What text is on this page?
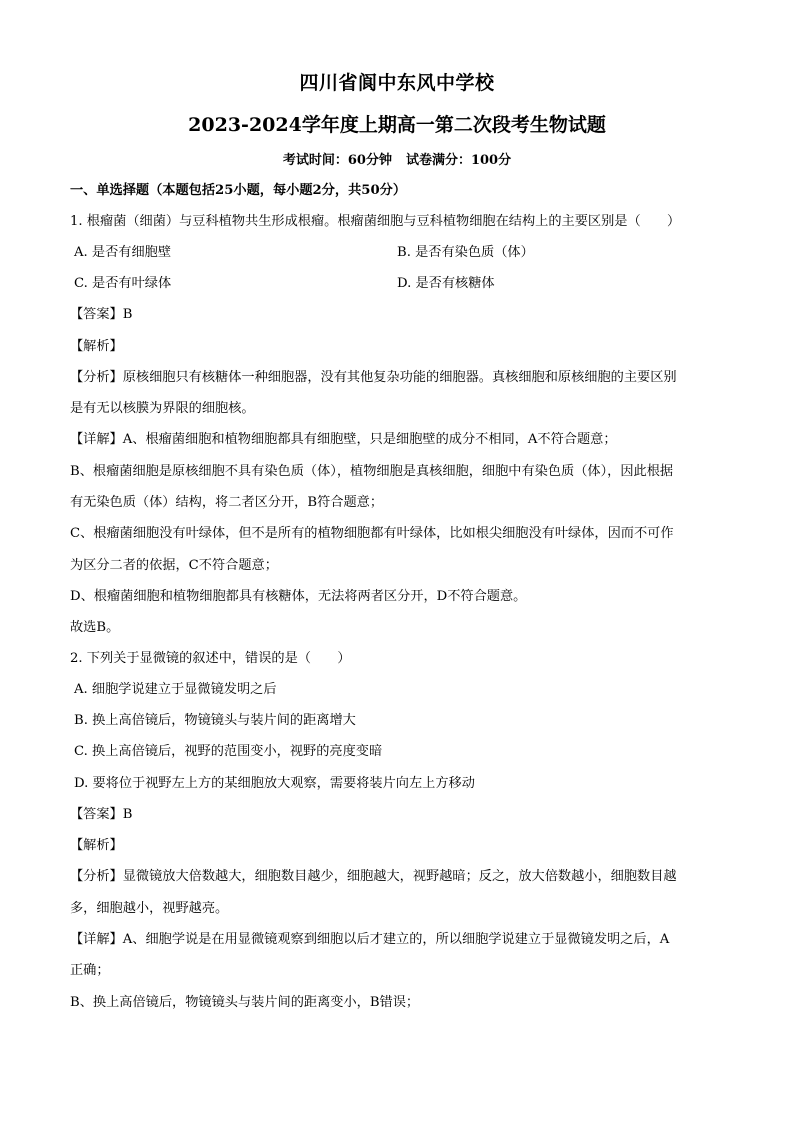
四川省阆中东风中学校
2023-2024学年度上期高一第二次段考生物试题
考试时间：60分钟 试卷满分：100分
一、单选择题（本题包括25小题，每小题2分，共50分）
1. 根瘤菌（细菌）与豆科植物共生形成根瘤。根瘤菌细胞与豆科植物细胞在结构上的主要区别是（　　）
A. 是否有细胞壁	B. 是否有染色质（体）
C. 是否有叶绿体	D. 是否有核糖体
【答案】B
【解析】
【分析】原核细胞只有核糖体一种细胞器，没有其他复杂功能的细胞器。真核细胞和原核细胞的主要区别
是有无以核膜为界限的细胞核。
【详解】A、根瘤菌细胞和植物细胞都具有细胞壁，只是细胞壁的成分不相同，A不符合题意；
B、根瘤菌细胞是原核细胞不具有染色质（体），植物细胞是真核细胞，细胞中有染色质（体），因此根据
有无染色质（体）结构，将二者区分开，B符合题意；
C、根瘤菌细胞没有叶绿体，但不是所有的植物细胞都有叶绿体，比如根尖细胞没有叶绿体，因而不可作
为区分二者的依据，C不符合题意；
D、根瘤菌细胞和植物细胞都具有核糖体，无法将两者区分开，D不符合题意。
故选B。
2. 下列关于显微镜的叙述中，错误的是（　　）
A. 细胞学说建立于显微镜发明之后
B. 换上高倍镜后，物镜镜头与装片间的距离增大
C. 换上高倍镜后，视野的范围变小，视野的亮度变暗
D. 要将位于视野左上方的某细胞放大观察，需要将装片向左上方移动
【答案】B
【解析】
【分析】显微镜放大倍数越大，细胞数目越少，细胞越大，视野越暗；反之，放大倍数越小，细胞数目越
多，细胞越小，视野越亮。
【详解】A、细胞学说是在用显微镜观察到细胞以后才建立的，所以细胞学说建立于显微镜发明之后，A
正确；
B、换上高倍镜后，物镜镜头与装片间的距离变小，B错误；
